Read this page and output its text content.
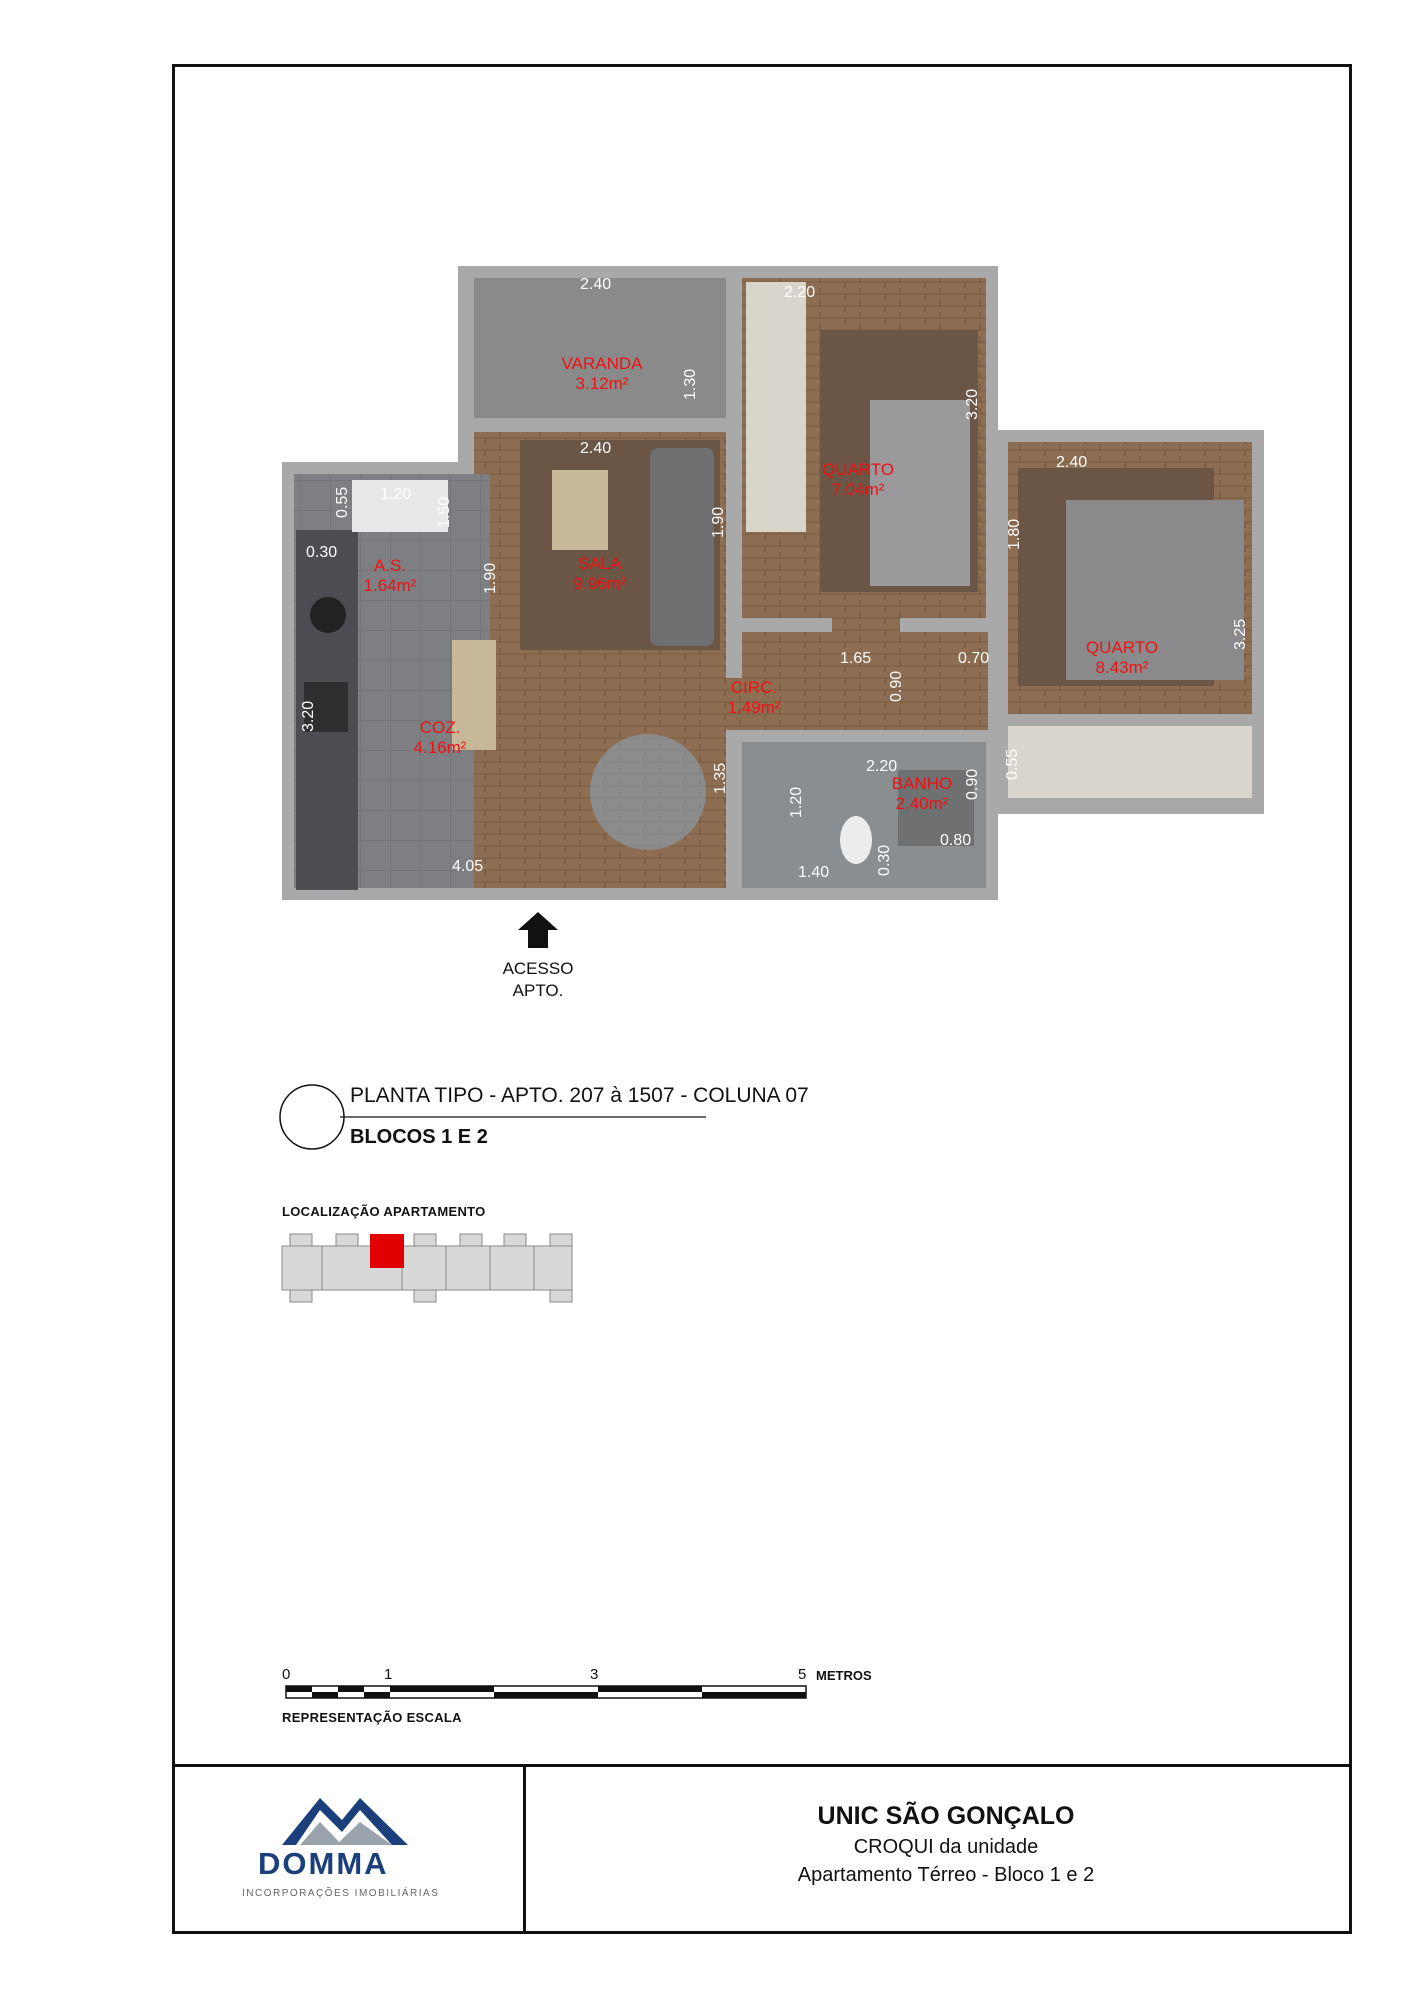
VARANDA
3.12m²
SALA
9.96m²
QUARTO
7.04m²
QUARTO
8.43m²
A.S.
1.64m²
COZ.
4.16m²
CIRC.
1.49m²
BANHO
2.40m²
2.40	2.20
1.30
3.20
2.40
1.90
2.40
1.80
3.25
0.55 1.20
1.50
0.30
1.90
3.20
1.65
0.90
0.70
2.20
0.90
1.35
1.20
0.80
0.30
1.40
0.55
4.05
ACESSO
APTO.
PLANTA TIPO - APTO. 207 à 1507 - COLUNA 07
BLOCOS 1 E 2
LOCALIZAÇÃO APARTAMENTO
0	1	3	5 METROS
REPRESENTAÇÃO ESCALA
DOMMA
INCORPORAÇÕES IMOBILIÁRIAS
UNIC SÃO GONÇALO
CROQUI da unidade
Apartamento Térreo - Bloco 1 e 2
